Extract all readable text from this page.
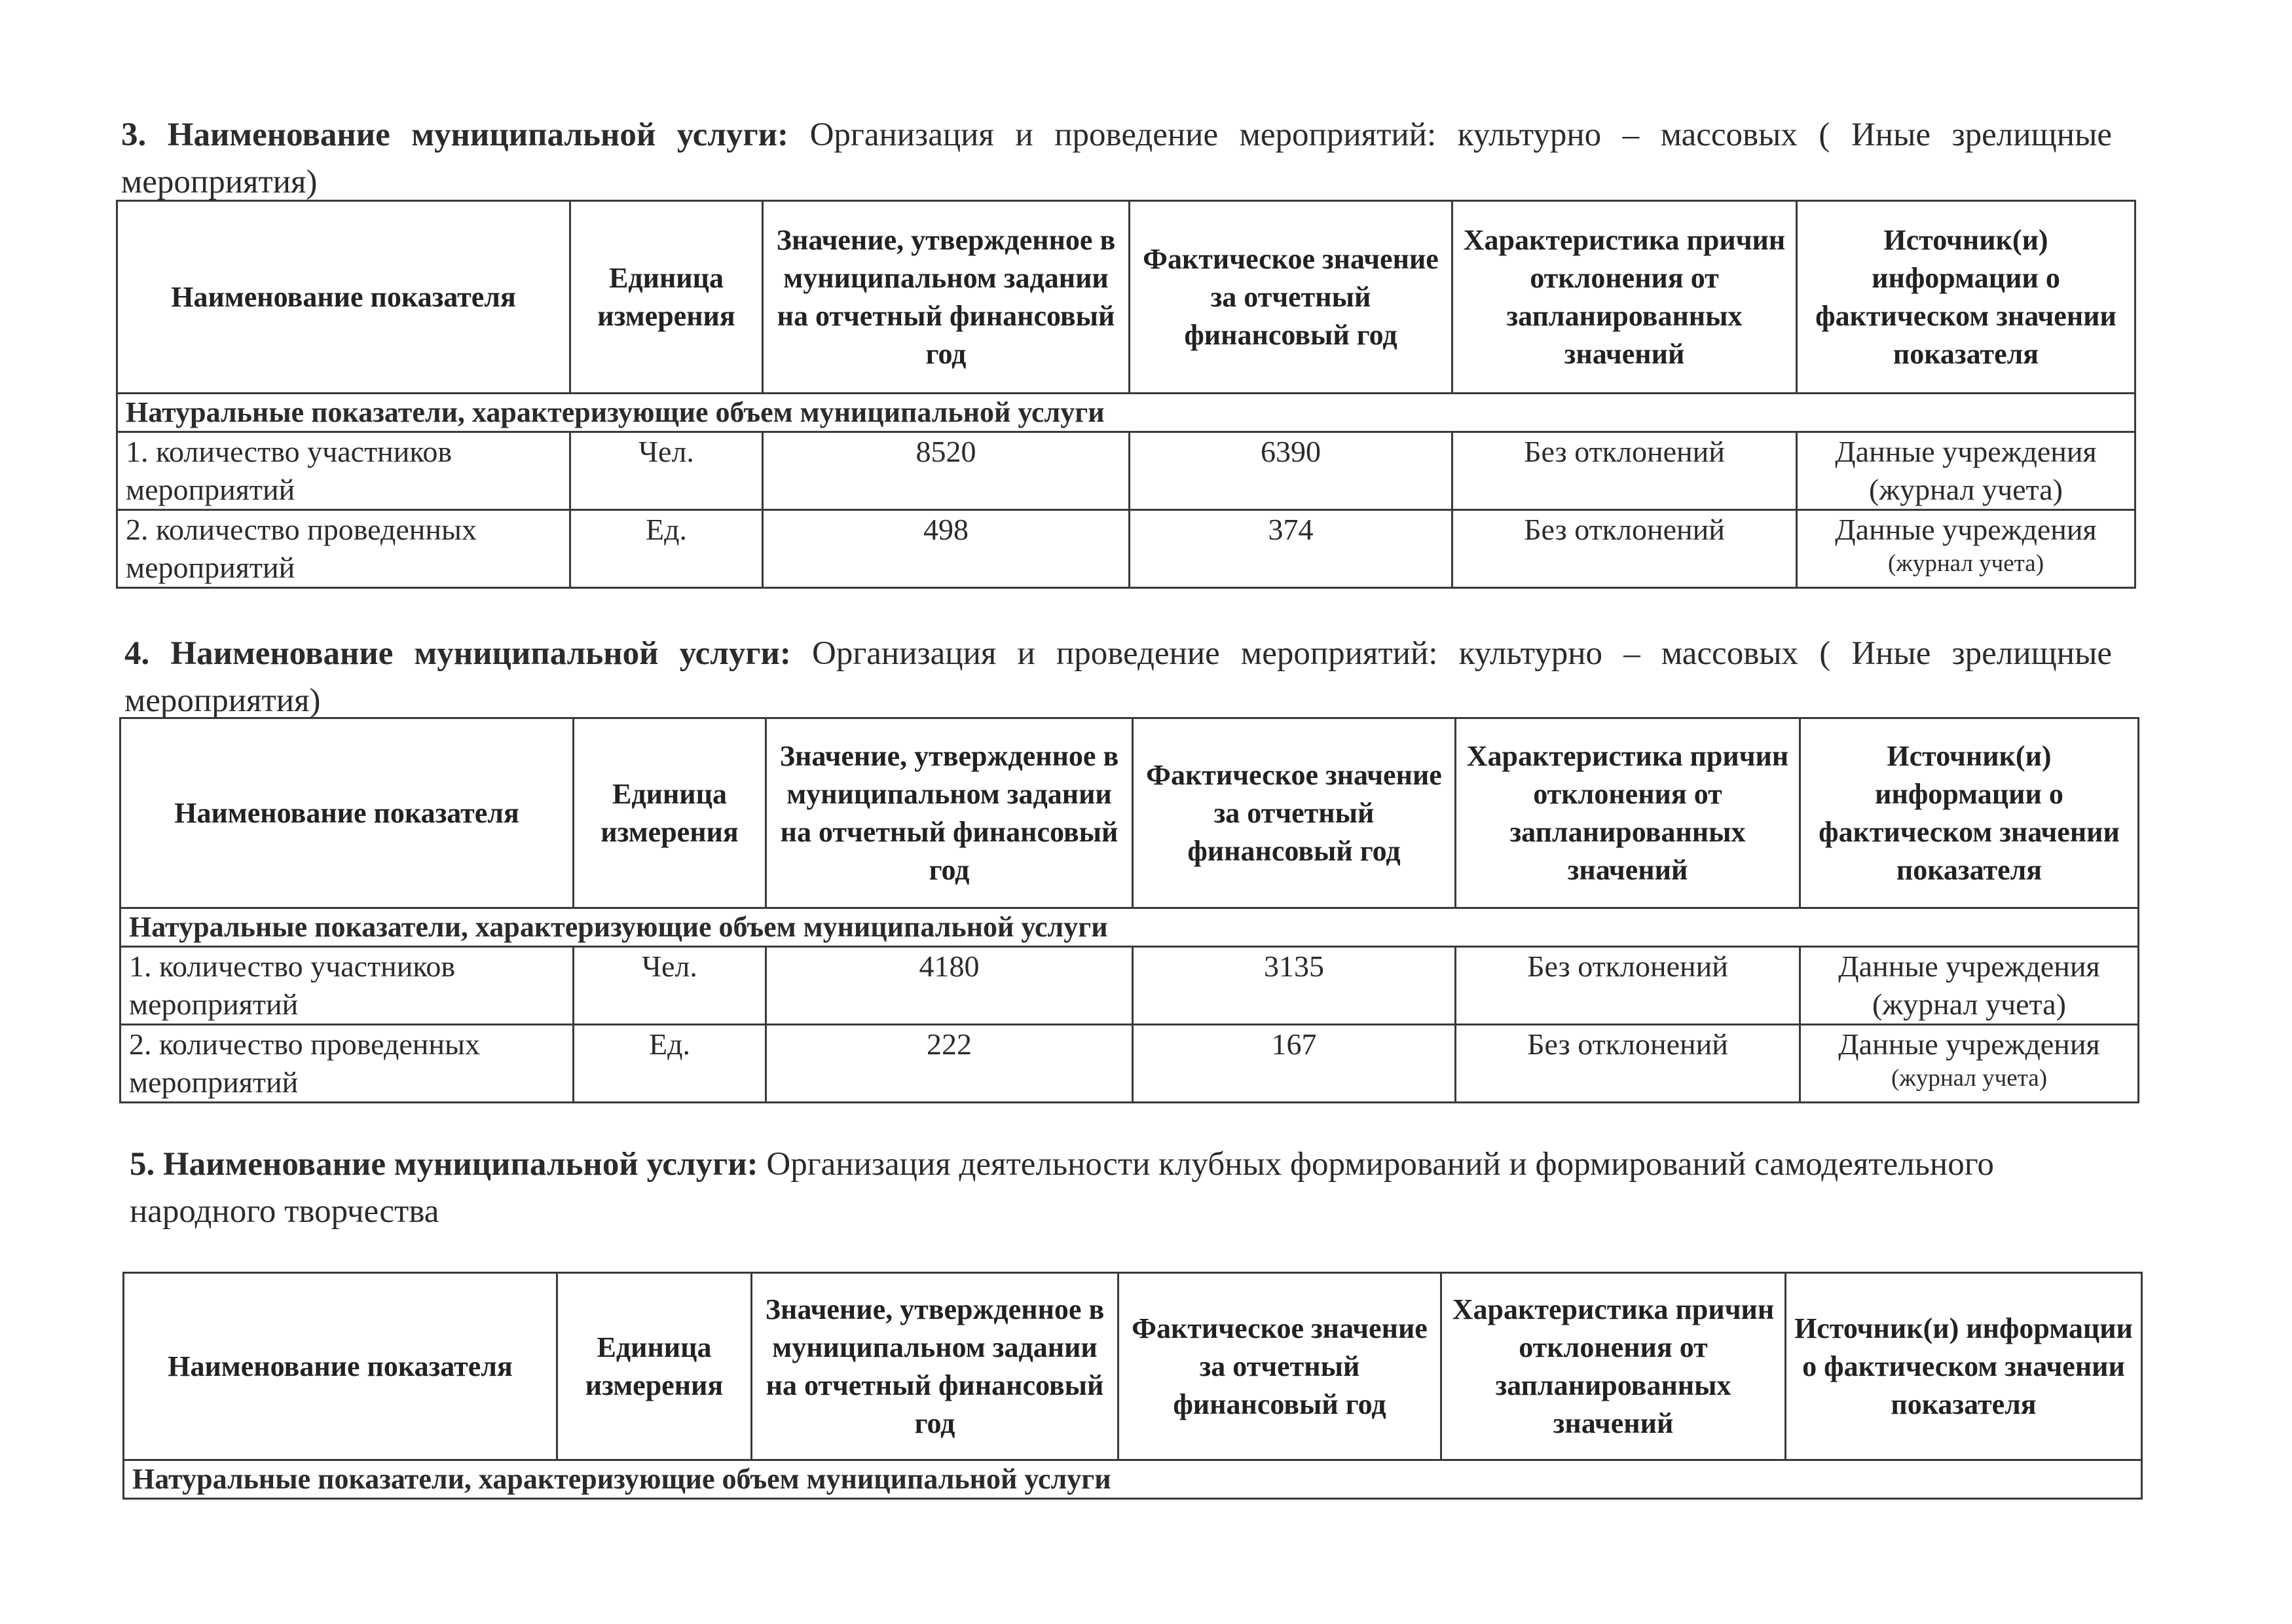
3. Наименование муниципальной услуги: Организация и проведение мероприятий: культурно – массовых ( Иные зрелищные мероприятия)

Наименование показателя	Единица измерения	Значение, утвержденное в муниципальном задании на отчетный финансовый год	Фактическое значение за отчетный финансовый год	Характеристика причин отклонения от запланированных значений	Источник(и) информации о фактическом значении показателя
Натуральные показатели, характеризующие объем муниципальной услуги					
1. количество участников мероприятий	Чел.	8520	6390	Без отклонений	Данные учреждения
(журнал учета)

2. количество проведенных мероприятий	Ед.	498	374	Без отклонений	Данные учреждения
(журнал учета)

4. Наименование муниципальной услуги: Организация и проведение мероприятий: культурно – массовых ( Иные зрелищные мероприятия)

Наименование показателя	Единица измерения	Значение, утвержденное в муниципальном задании на отчетный финансовый год	Фактическое значение за отчетный финансовый год	Характеристика причин отклонения от запланированных значений	Источник(и) информации о фактическом значении показателя
Натуральные показатели, характеризующие объем муниципальной услуги					
1. количество участников мероприятий	Чел.	4180	3135	Без отклонений	Данные учреждения
(журнал учета)

2. количество проведенных мероприятий	Ед.	222	167	Без отклонений	Данные учреждения
(журнал учета)

5. Наименование муниципальной услуги: Организация деятельности клубных формирований и формирований самодеятельного народного творчества

Наименование показателя	Единица измерения	Значение, утвержденное в муниципальном задании на отчетный финансовый год	Фактическое значение за отчетный финансовый год	Характеристика причин отклонения от запланированных значений	Источник(и) информации о фактическом значении показателя
Натуральные показатели, характеризующие объем муниципальной услуги
